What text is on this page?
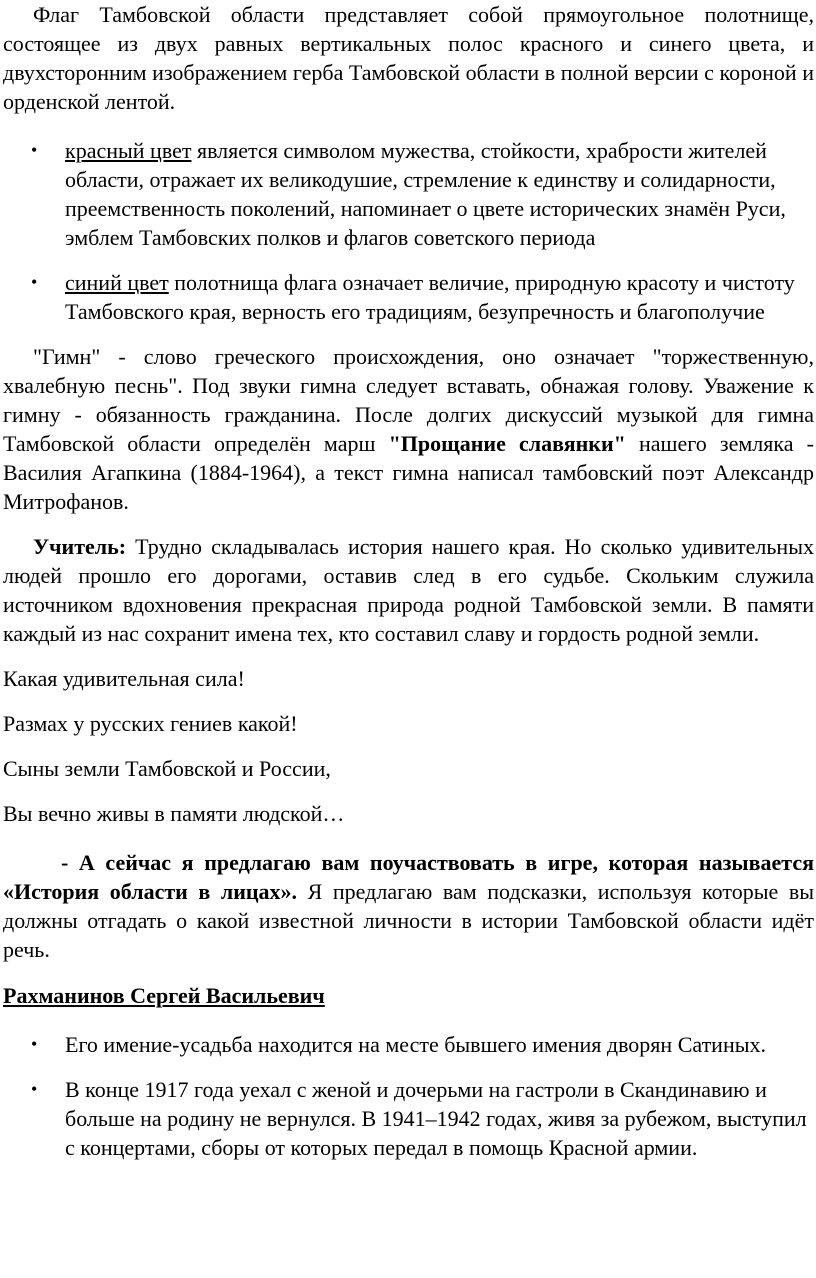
Флаг Тамбовской области представляет собой прямоугольное полотнище, состоящее из двух равных вертикальных полос красного и синего цвета, и двухсторонним изображением герба Тамбовской области в полной версии с короной и орденской лентой.

• красный цвет является символом мужества, стойкости, храбрости жителей области, отражает их великодушие, стремление к единству и солидарности, преемственность поколений, напоминает о цвете исторических знамён Руси, эмблем Тамбовских полков и флагов советского периода
• синий цвет полотнища флага означает величие, природную красоту и чистоту Тамбовского края, верность его традициям, безупречность и благополучие

"Гимн" - слово греческого происхождения, оно означает "торжественную, хвалебную песнь". Под звуки гимна следует вставать, обнажая голову. Уважение к гимну - обязанность гражданина. После долгих дискуссий музыкой для гимна Тамбовской области определён марш "Прощание славянки" нашего земляка - Василия Агапкина (1884-1964), а текст гимна написал тамбовский поэт Александр Митрофанов.

Учитель: Трудно складывалась история нашего края. Но сколько удивительных людей прошло его дорогами, оставив след в его судьбе. Скольким служила источником вдохновения прекрасная природа родной Тамбовской земли. В памяти каждый из нас сохранит имена тех, кто составил славу и гордость родной земли.

Какая удивительная сила!

Размах у русских гениев какой!

Сыны земли Тамбовской и России,

Вы вечно живы в памяти людской…

- А сейчас я предлагаю вам поучаствовать в игре, которая называется «История области в лицах». Я предлагаю вам подсказки, используя которые вы должны отгадать о какой известной личности в истории Тамбовской области идёт речь.

Рахманинов Сергей Васильевич

• Его имение-усадьба находится на месте бывшего имения дворян Сатиных.
• В конце 1917 года уехал с женой и дочерьми на гастроли в Скандинавию и больше на родину не вернулся. В 1941–1942 годах, живя за рубежом, выступил с концертами, сборы от которых передал в помощь Красной армии.
